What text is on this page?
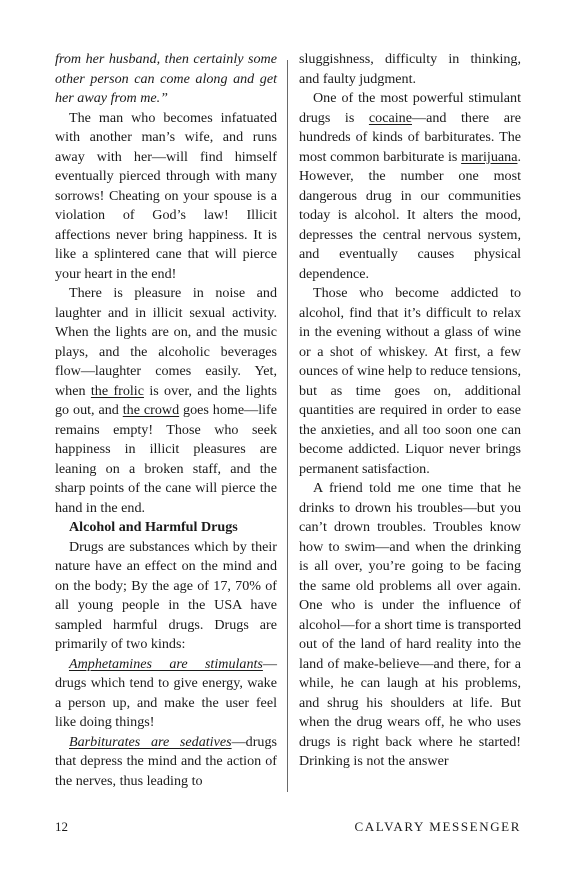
from her husband, then certainly some other person can come along and get her away from me.”

The man who becomes infatuated with another man’s wife, and runs away with her—will find himself eventually pierced through with many sorrows! Cheating on your spouse is a violation of God’s law! Illicit affections never bring happiness. It is like a splintered cane that will pierce your heart in the end!

There is pleasure in noise and laughter and in illicit sexual activity. When the lights are on, and the music plays, and the alcoholic beverages flow—laughter comes easily. Yet, when the frolic is over, and the lights go out, and the crowd goes home—life remains empty! Those who seek happiness in illicit pleasures are leaning on a broken staff, and the sharp points of the cane will pierce the hand in the end.

Alcohol and Harmful Drugs

Drugs are substances which by their nature have an effect on the mind and on the body; By the age of 17, 70% of all young people in the USA have sampled harmful drugs. Drugs are primarily of two kinds:

Amphetamines are stimulants—drugs which tend to give energy, wake a person up, and make the user feel like doing things!

Barbiturates are sedatives—drugs that depress the mind and the action of the nerves, thus leading to

sluggishness, difficulty in thinking, and faulty judgment.

One of the most powerful stimulant drugs is cocaine—and there are hundreds of kinds of barbiturates. The most common barbiturate is marijuana. However, the number one most dangerous drug in our communities today is alcohol. It alters the mood, depresses the central nervous system, and eventually causes physical dependence.

Those who become addicted to alcohol, find that it’s difficult to relax in the evening without a glass of wine or a shot of whiskey. At first, a few ounces of wine help to reduce tensions, but as time goes on, additional quantities are required in order to ease the anxieties, and all too soon one can become addicted. Liquor never brings permanent satisfaction.

A friend told me one time that he drinks to drown his troubles—but you can’t drown troubles. Troubles know how to swim—and when the drinking is all over, you’re going to be facing the same old problems all over again. One who is under the influence of alcohol—for a short time is transported out of the land of hard reality into the land of make-believe—and there, for a while, he can laugh at his problems, and shrug his shoulders at life. But when the drug wears off, he who uses drugs is right back where he started! Drinking is not the answer

12	CALVARY MESSENGER
